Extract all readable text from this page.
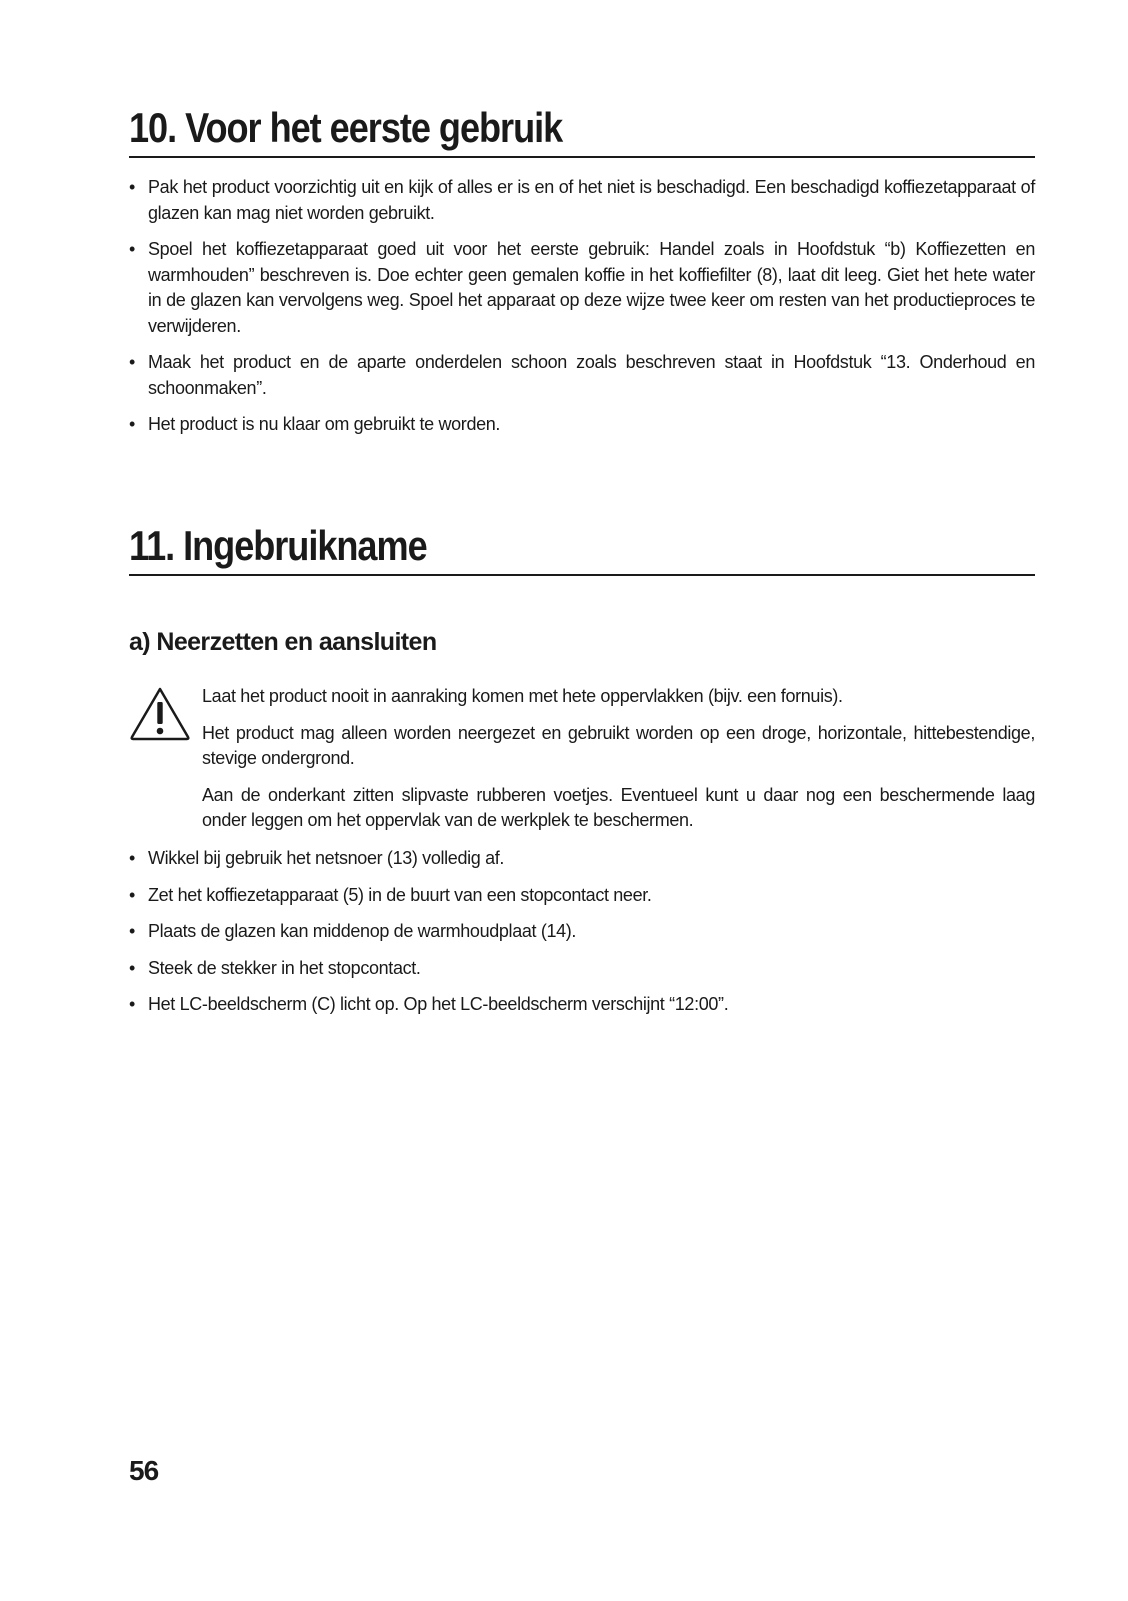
10. Voor het eerste gebruik
• Pak het product voorzichtig uit en kijk of alles er is en of het niet is beschadigd. Een beschadigd koffiezetapparaat of glazen kan mag niet worden gebruikt.
• Spoel het koffiezetapparaat goed uit voor het eerste gebruik: Handel zoals in Hoofdstuk “b) Koffiezetten en warmhouden” beschreven is. Doe echter geen gemalen koffie in het koffiefilter (8), laat dit leeg. Giet het hete water in de glazen kan vervolgens weg. Spoel het apparaat op deze wijze twee keer om resten van het productieproces te verwijderen.
• Maak het product en de aparte onderdelen schoon zoals beschreven staat in Hoofdstuk “13. Onderhoud en schoonmaken”.
• Het product is nu klaar om gebruikt te worden.
11. Ingebruikname
a) Neerzetten en aansluiten

Laat het product nooit in aanraking komen met hete oppervlakken (bijv. een fornuis).

Het product mag alleen worden neergezet en gebruikt worden op een droge, horizontale, hittebestendige, stevige ondergrond.

Aan de onderkant zitten slipvaste rubberen voetjes. Eventueel kunt u daar nog een beschermende laag onder leggen om het oppervlak van de werkplek te beschermen.

• Wikkel bij gebruik het netsnoer (13) volledig af.
• Zet het koffiezetapparaat (5) in de buurt van een stopcontact neer.
• Plaats de glazen kan middenop de warmhoudplaat (14).
• Steek de stekker in het stopcontact.
• Het LC-beeldscherm (C) licht op. Op het LC-beeldscherm verschijnt “12:00”.
56
